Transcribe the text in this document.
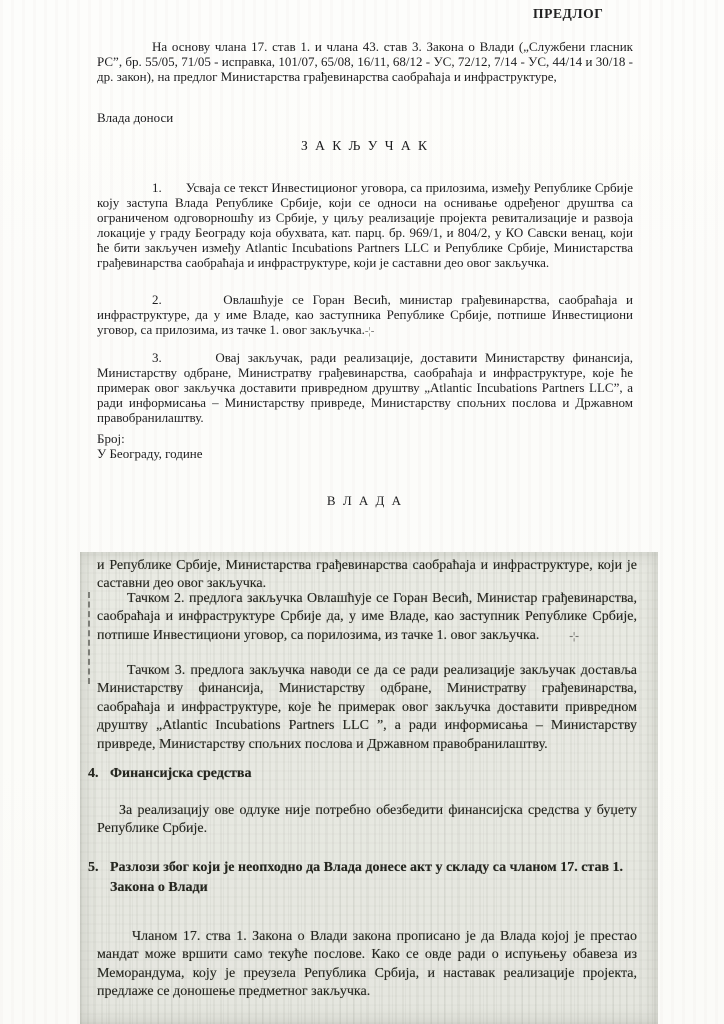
ПРЕДЛОГ
На основу члана 17. став 1. и члана 43. став 3. Закона о Влади („Службени гласник РС”, бр. 55/05, 71/05 - исправка, 101/07, 65/08, 16/11, 68/12 - УС, 72/12, 7/14 - УС, 44/14 и 30/18 - др. закон), на предлог Министарства грађевинарства саобраћаја и инфраструктуре,
Влада доноси
З А К Љ У Ч А К
1.       Усваја се текст Инвестиционог уговора, са прилозима, између Републике Србије коју заступа Влада Републике Србије, који се односи на оснивање одређеног друштва са ограниченом одговорношћу из Србије, у циљу реализације пројекта ревитализације и развоја локације у граду Београду која обухвата, кат. парц. бр. 969/1, и 804/2, у КО Савски венац, који ће бити закључен између Atlantic Incubations Partners LLC и Републике Србије, Министарства грађевинарства саобраћаја и инфраструктуре, који је саставни део овог закључка.
2.       Овлашћује се Горан Весић, министар грађевинарства, саобраћаја и инфраструктуре, да у име Владе, као заступника Републике Србије, потпише Инвестициони уговор, са прилозима, из тачке 1. овог закључка.-¦-
3.       Овај закључак, ради реализације, доставити Министарству финансија, Министарству одбране, Министратву грађевинарства, саобраћаја и инфраструктуре, које ће примерак овог закључка доставити привредном друштву „Atlantic Incubations Partners LLC”, а ради информисања – Министарству привреде, Министарству спољних послова и Државном правобранилаштву.
Број:
У Београду, године
В Л А Д А
и Републике Србије, Министарства грађевинарства саобраћаја и инфраструктуре, који је саставни део овог закључка.
Тачком 2. предлога закључка Овлашћује се Горан Весић, Министар грађевинарства, саобраћаја и инфраструктуре Србије да, у име Владе, као заступник Републике Србије, потпише Инвестициони уговор, са порилозима, из тачке 1. овог закључка.	-¦-
Тачком 3. предлога закључка наводи се да се ради реализације закључак доставља Министарству финансија, Министарству одбране, Министратву грађевинарства, саобраћаја и инфраструктуре, које ће примерак овог закључка доставити привредном друштву „Atlantic Incubations Partners LLC ”, а ради информисања – Министарству привреде, Министарству спољних послова и Државном правобранилаштву.
4. Финансијска средства
За реализацију ове одлуке није потребно обезбедити финансијска средства у буџету Републике Србије.
5. Разлози због који је неопходно да Влада донесе акт у складу са чланом 17. став 1. Закона о Влади
Чланом 17. ства 1. Закона о Влади закона прописано је да Влада којој је престао мандат може вршити само текуће послове. Како се овде ради о испуњењу обавеза из Меморандума, коју је преузела Република Србија, и наставак реализације пројекта, предлаже се доношење предметног закључка.
